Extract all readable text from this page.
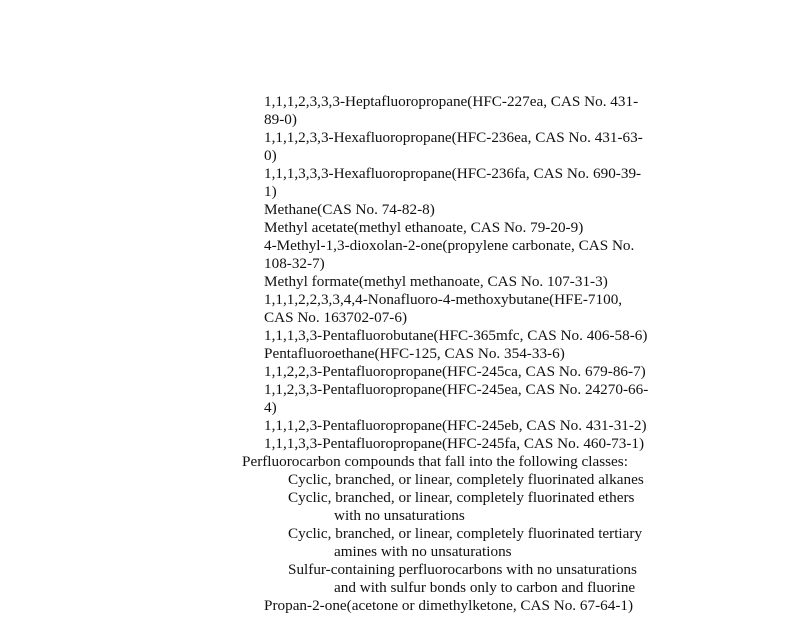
1,1,1,2,3,3,3-Heptafluoropropane(HFC-227ea, CAS No. 431-
89-0)
1,1,1,2,3,3-Hexafluoropropane(HFC-236ea, CAS No. 431-63-
0)
1,1,1,3,3,3-Hexafluoropropane(HFC-236fa, CAS No. 690-39-
1)
Methane(CAS No. 74-82-8)
Methyl acetate(methyl ethanoate, CAS No. 79-20-9)
4-Methyl-1,3-dioxolan-2-one(propylene carbonate, CAS No.
108-32-7)
Methyl formate(methyl methanoate, CAS No. 107-31-3)
1,1,1,2,2,3,3,4,4-Nonafluoro-4-methoxybutane(HFE-7100,
CAS No. 163702-07-6)
1,1,1,3,3-Pentafluorobutane(HFC-365mfc, CAS No. 406-58-6)
Pentafluoroethane(HFC-125, CAS No. 354-33-6)
1,1,2,2,3-Pentafluoropropane(HFC-245ca, CAS No. 679-86-7)
1,1,2,3,3-Pentafluoropropane(HFC-245ea, CAS No. 24270-66-
4)
1,1,1,2,3-Pentafluoropropane(HFC-245eb, CAS No. 431-31-2)
1,1,1,3,3-Pentafluoropropane(HFC-245fa, CAS No. 460-73-1)
Perfluorocarbon compounds that fall into the following classes:
Cyclic, branched, or linear, completely fluorinated alkanes
Cyclic, branched, or linear, completely fluorinated ethers
with no unsaturations
Cyclic, branched, or linear, completely fluorinated tertiary
amines with no unsaturations
Sulfur-containing perfluorocarbons with no unsaturations
and with sulfur bonds only to carbon and fluorine
Propan-2-one(acetone or dimethylketone, CAS No. 67-64-1)
